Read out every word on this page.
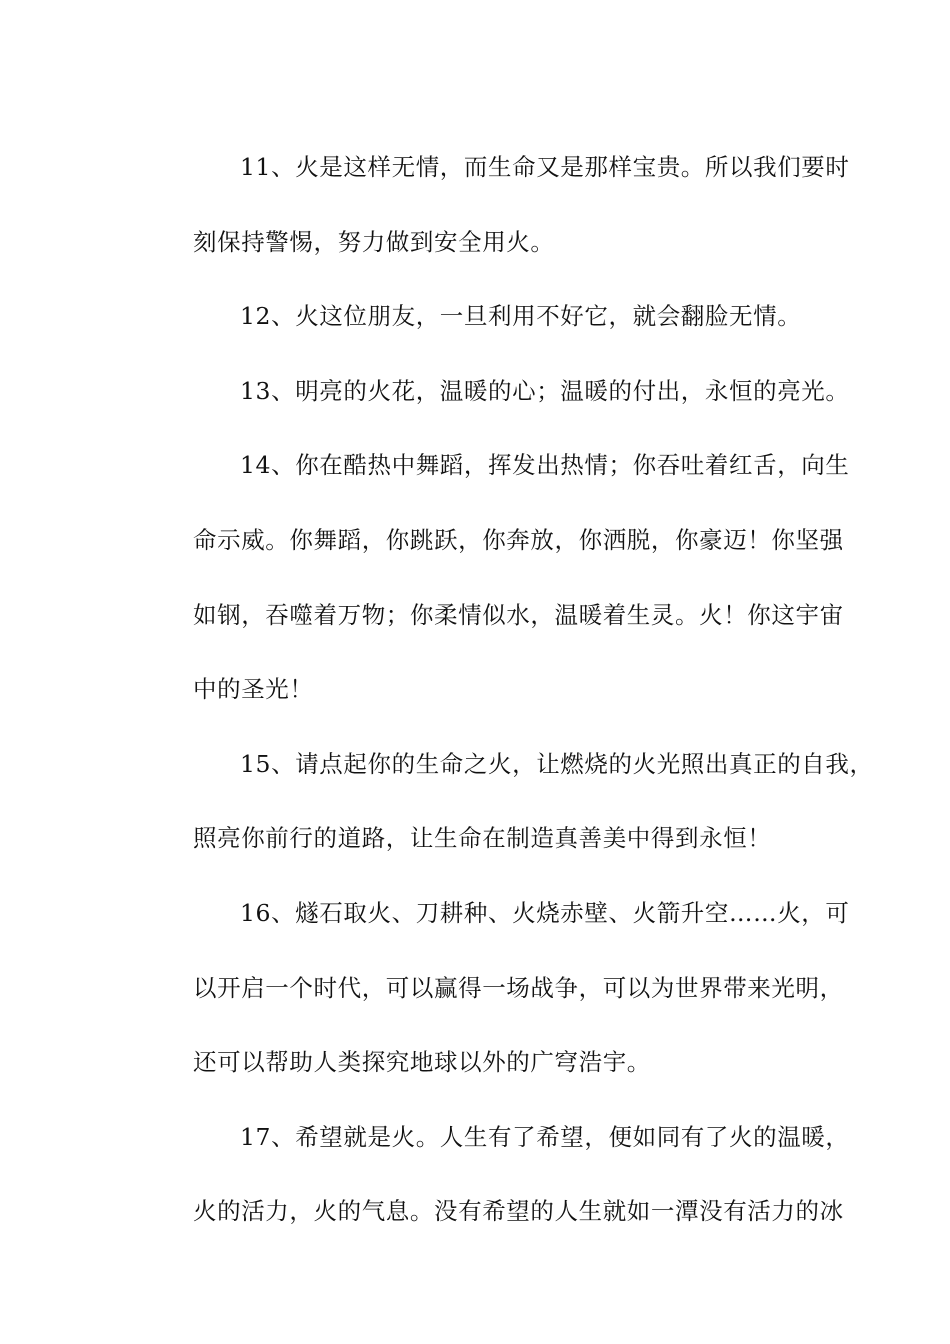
11、火是这样无情，而生命又是那样宝贵。所以我们要时
刻保持警惕，努力做到安全用火。
12、火这位朋友，一旦利用不好它，就会翻脸无情。
13、明亮的火花，温暖的心；温暖的付出，永恒的亮光。
14、你在酷热中舞蹈，挥发出热情；你吞吐着红舌，向生
命示威。你舞蹈，你跳跃，你奔放，你洒脱，你豪迈！你坚强
如钢，吞噬着万物；你柔情似水，温暖着生灵。火！你这宇宙
中的圣光！
15、请点起你的生命之火，让燃烧的火光照出真正的自我，
照亮你前行的道路，让生命在制造真善美中得到永恒！
16、燧石取火、刀耕种、火烧赤壁、火箭升空……火，可
以开启一个时代，可以赢得一场战争，可以为世界带来光明，
还可以帮助人类探究地球以外的广穹浩宇。
17、希望就是火。人生有了希望，便如同有了火的温暖，
火的活力，火的气息。没有希望的人生就如一潭没有活力的冰
